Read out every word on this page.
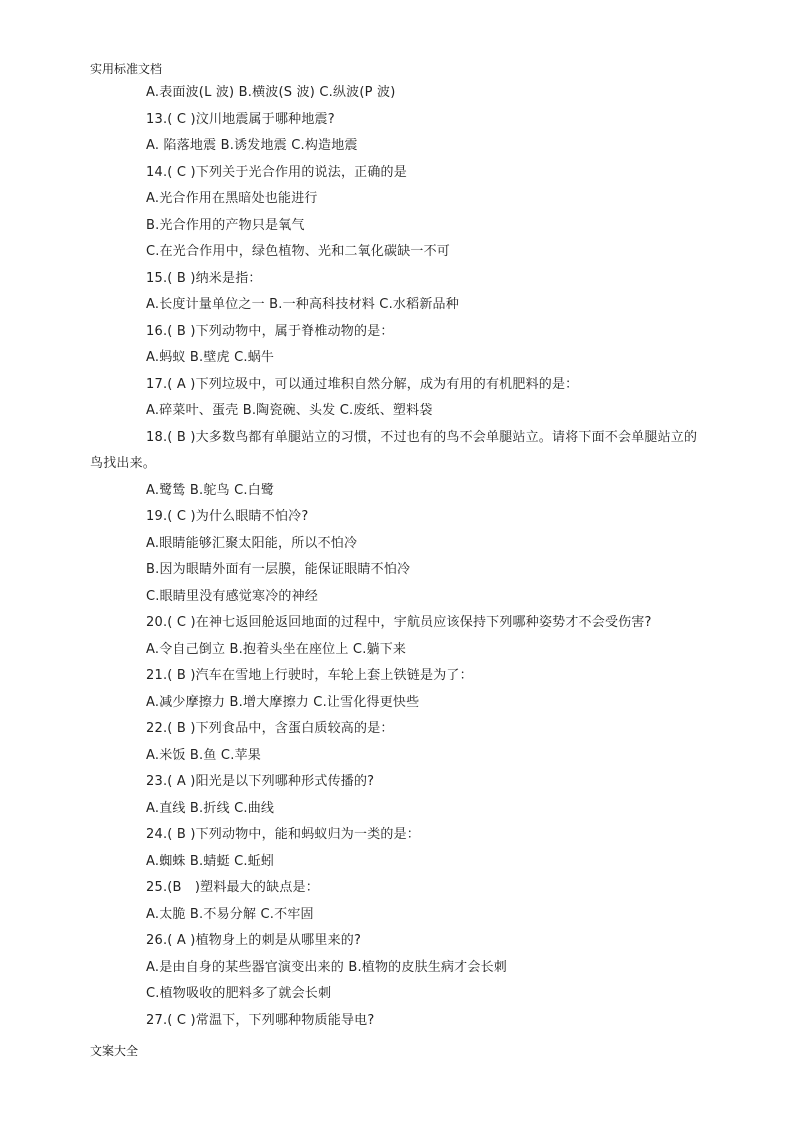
实用标准文档
A.表面波(L 波) B.横波(S 波) C.纵波(P 波)
13.( C )汶川地震属于哪种地震?
A. 陷落地震 B.诱发地震 C.构造地震
14.( C )下列关于光合作用的说法，正确的是
A.光合作用在黑暗处也能进行
B.光合作用的产物只是氧气
C.在光合作用中，绿色植物、光和二氧化碳缺一不可
15.( B )纳米是指：
A.长度计量单位之一 B.一种高科技材料 C.水稻新品种
16.( B )下列动物中，属于脊椎动物的是：
A.蚂蚁 B.壁虎 C.蜗牛
17.( A )下列垃圾中，可以通过堆积自然分解，成为有用的有机肥料的是：
A.碎菜叶、蛋壳 B.陶瓷碗、头发 C.废纸、塑料袋
18.( B )大多数鸟都有单腿站立的习惯，不过也有的鸟不会单腿站立。请将下面不会单腿站立的
鸟找出来。
A.鹭鸶 B.鸵鸟 C.白鹭
19.( C )为什么眼睛不怕冷?
A.眼睛能够汇聚太阳能，所以不怕冷
B.因为眼睛外面有一层膜，能保证眼睛不怕冷
C.眼睛里没有感觉寒冷的神经
20.( C )在神七返回舱返回地面的过程中，宇航员应该保持下列哪种姿势才不会受伤害?
A.令自己倒立 B.抱着头坐在座位上 C.躺下来
21.( B )汽车在雪地上行驶时，车轮上套上铁链是为了：
A.减少摩擦力 B.增大摩擦力 C.让雪化得更快些
22.( B )下列食品中，含蛋白质较高的是：
A.米饭 B.鱼 C.苹果
23.( A )阳光是以下列哪种形式传播的?
A.直线 B.折线 C.曲线
24.( B )下列动物中，能和蚂蚁归为一类的是：
A.蜘蛛 B.蜻蜓 C.蚯蚓
25.(B　)塑料最大的缺点是：
A.太脆 B.不易分解 C.不牢固
26.( A )植物身上的刺是从哪里来的?
A.是由自身的某些器官演变出来的 B.植物的皮肤生病才会长刺
C.植物吸收的肥料多了就会长刺
27.( C )常温下，下列哪种物质能导电?
文案大全
